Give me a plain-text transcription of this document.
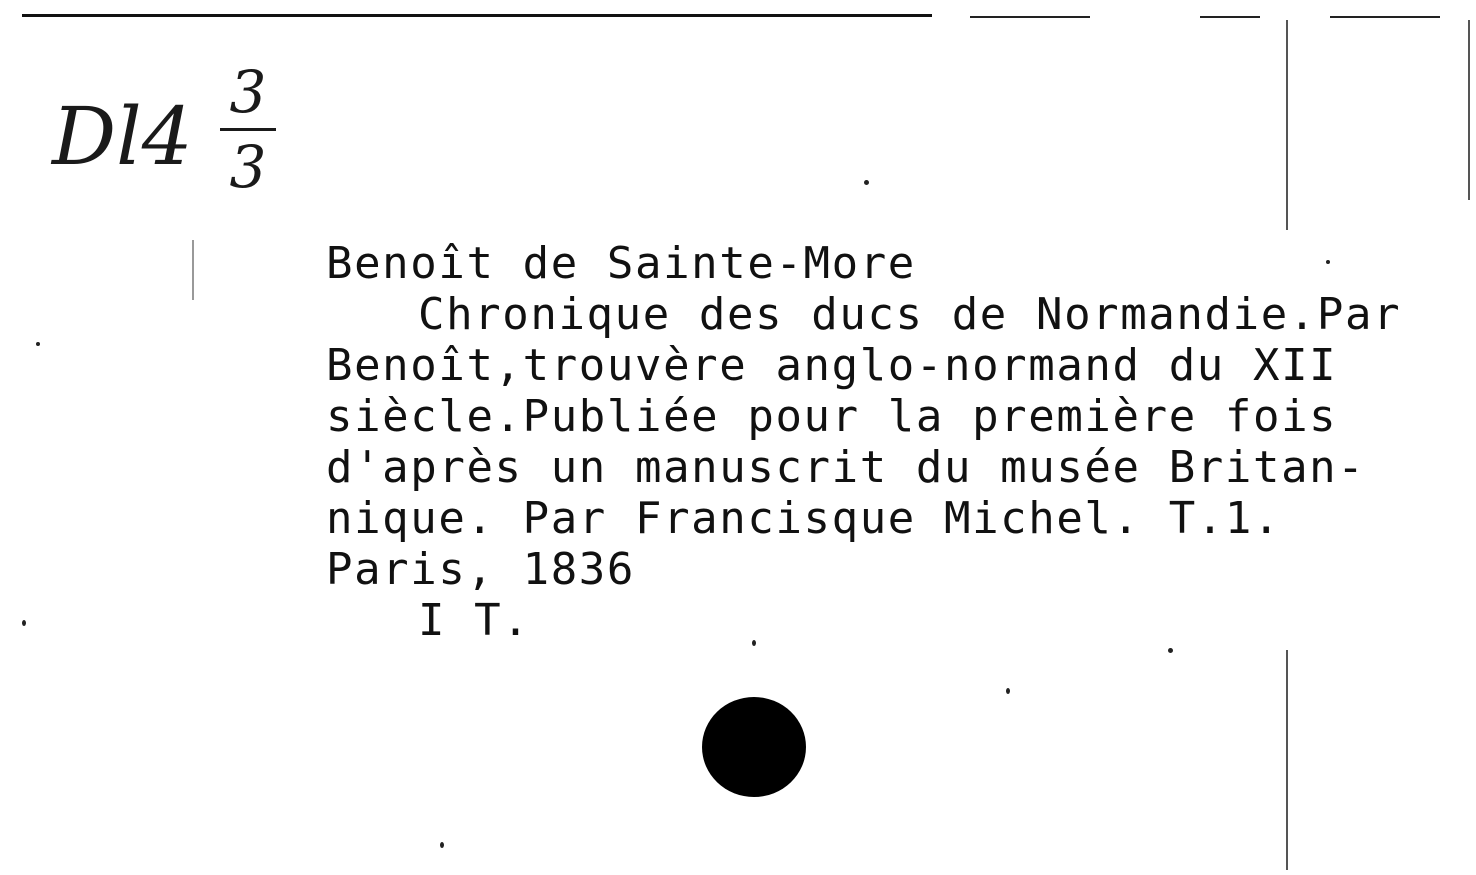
Dl4 3
3
Benoît de Sainte-More
Chronique des ducs de Normandie.Par
Benoît,trouvère anglo-normand du XII
siècle.Publiée pour la première fois
d'après un manuscrit du musée Britan-
nique. Par Francisque Michel. T.1.
Paris, 1836
I T.
